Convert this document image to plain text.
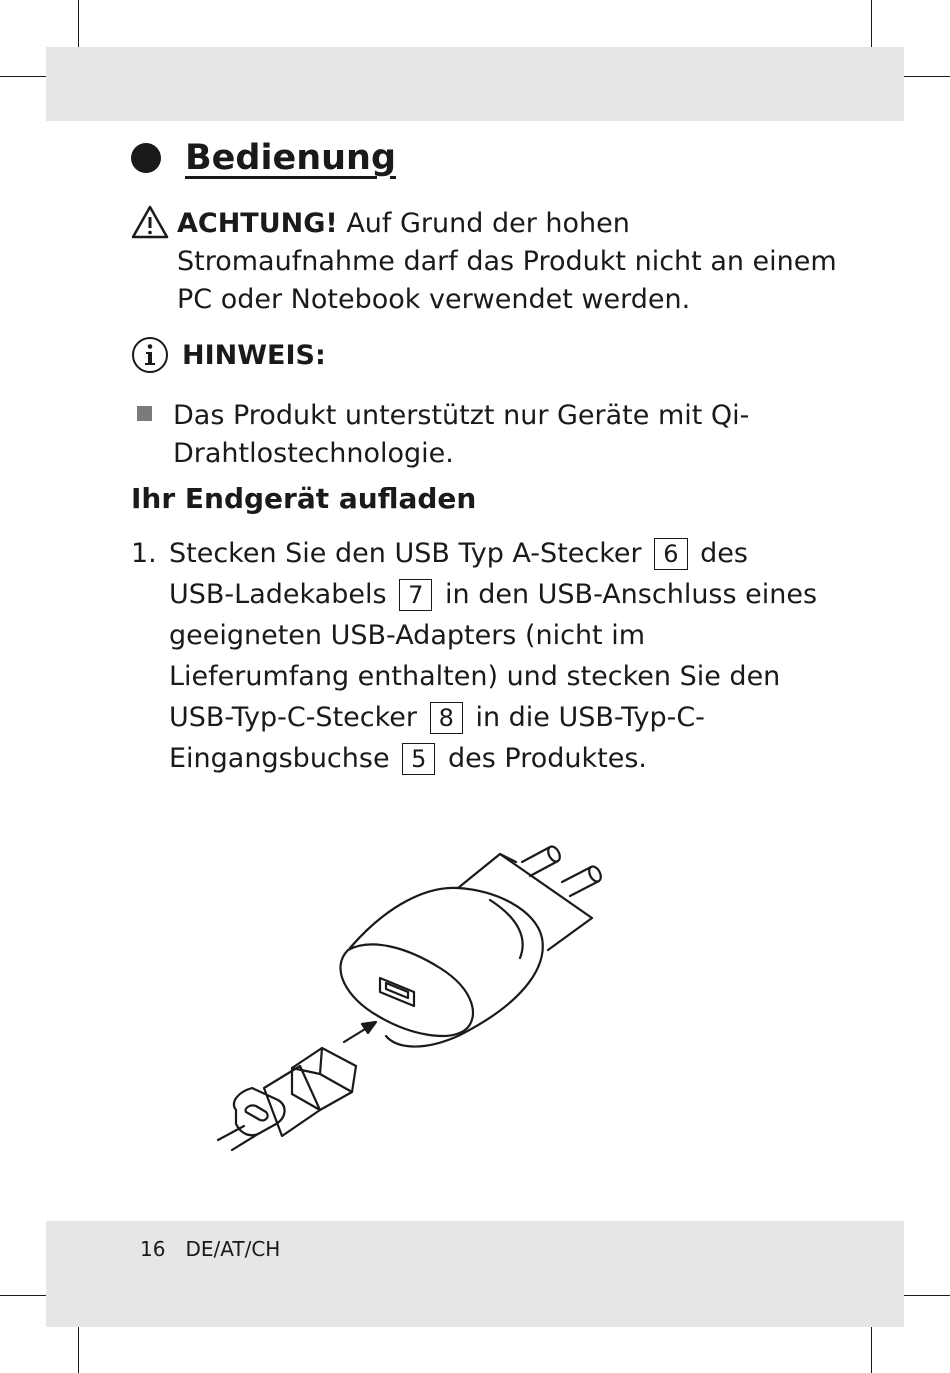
Bedienung
ACHTUNG! Auf Grund der hohen Stromaufnahme darf das Produkt nicht an einem PC oder Notebook verwendet werden.
HINWEIS:
Das Produkt unterstützt nur Geräte mit Qi-Drahtlostechnologie.
Ihr Endgerät aufladen
1. Stecken Sie den USB Typ A-Stecker 6 des USB-Ladekabels 7 in den USB-Anschluss eines geeigneten USB-Adapters (nicht im Lieferumfang enthalten) und stecken Sie den USB-Typ-C-Stecker 8 in die USB-Typ-C-Eingangsbuchse 5 des Produktes.
16 DE/AT/CH
